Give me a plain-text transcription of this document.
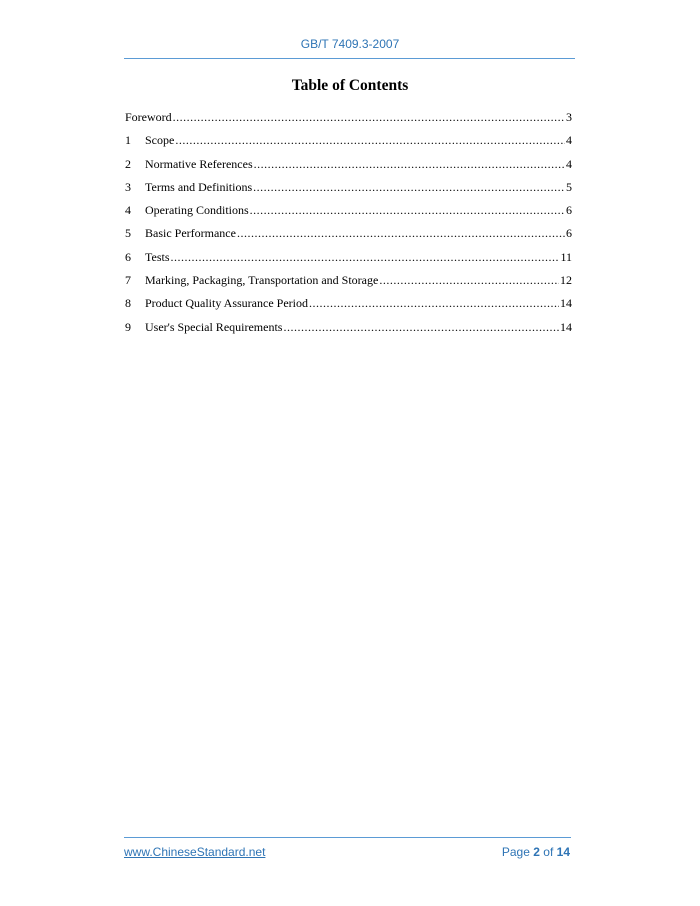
GB/T 7409.3-2007
Table of Contents
Foreword .....	3
1	Scope .....	4
2	Normative References .....	4
3	Terms and Definitions .....	5
4	Operating Conditions .....	6
5	Basic Performance .....	6
6	Tests .....	11
7	Marking, Packaging, Transportation and Storage .....	12
8	Product Quality Assurance Period .....	14
9	User's Special Requirements .....	14
www.ChineseStandard.net	Page 2 of 14
